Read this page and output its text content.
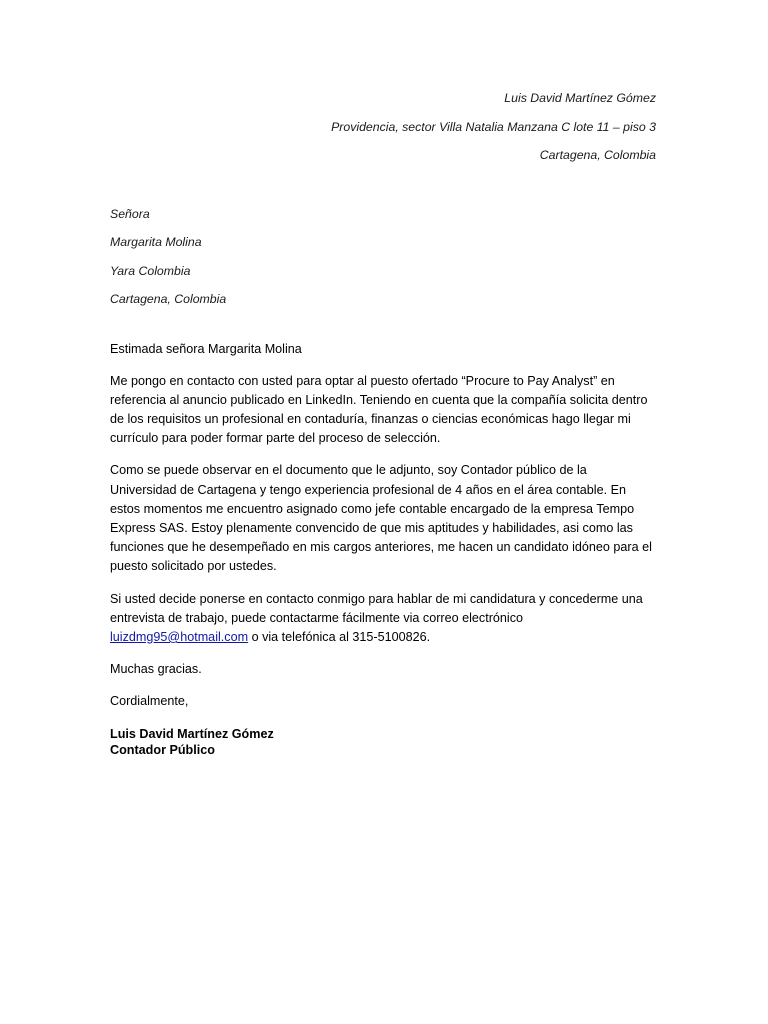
Luis David Martínez Gómez
Providencia, sector Villa Natalia Manzana C lote 11 – piso 3
Cartagena, Colombia
Señora
Margarita Molina
Yara Colombia
Cartagena, Colombia
Estimada señora Margarita Molina

Me pongo en contacto con usted para optar al puesto ofertado “Procure to Pay Analyst” en referencia al anuncio publicado en LinkedIn. Teniendo en cuenta que la compañía solicita dentro de los requisitos un profesional en contaduría, finanzas o ciencias económicas hago llegar mi currículo para poder formar parte del proceso de selección.

Como se puede observar en el documento que le adjunto, soy Contador público de la Universidad de Cartagena y tengo experiencia profesional de 4 años en el área contable. En estos momentos me encuentro asignado como jefe contable encargado de la empresa Tempo Express SAS. Estoy plenamente convencido de que mis aptitudes y habilidades, asi como las funciones que he desempeñado en mis cargos anteriores, me hacen un candidato idóneo para el puesto solicitado por ustedes.

Si usted decide ponerse en contacto conmigo para hablar de mi candidatura y concederme una entrevista de trabajo, puede contactarme fácilmente via correo electrónico luizdmg95@hotmail.com o via telefónica al 315-5100826.

Muchas gracias.

Cordialmente,

Luis David Martínez Gómez
Contador Público
